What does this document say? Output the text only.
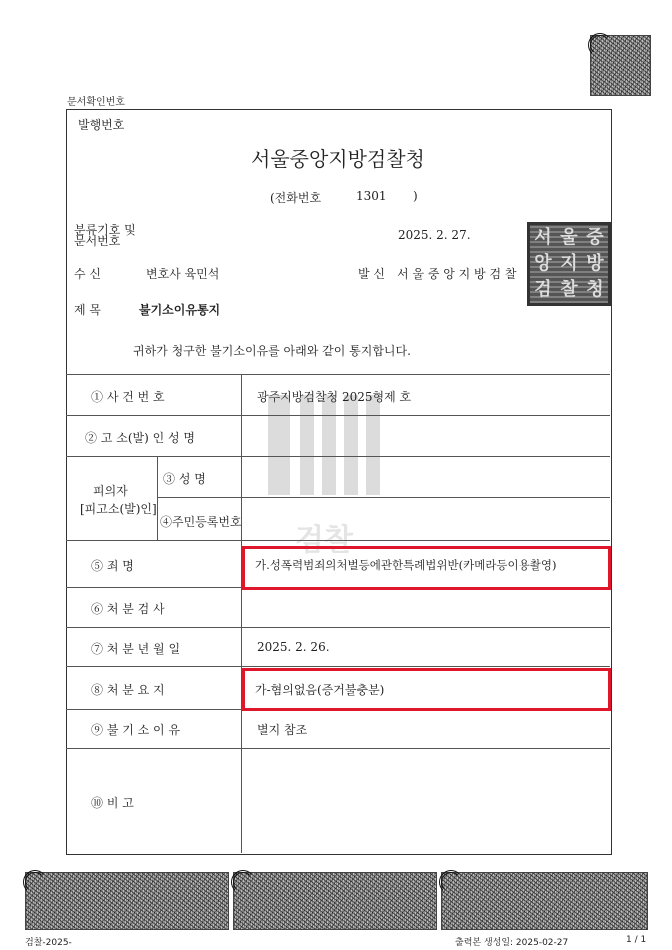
문서확인번호
검찰
발행번호
서울중앙지방검찰청
(전화번호	1301 )
분류기호 및
문서번호	2025. 2. 27.
수 신	변호사 육민석	발 신 서 울 중 앙 지 방 검 찰
서 울 중
앙 지 방
검 찰 청
제 목	불기소이유통지
귀하가 청구한 불기소이유를 아래와 같이 통지합니다.
① 사 건 번 호	광주지방검찰청 2025형제 호
② 고 소(발) 인 성 명
피의자
[피고소(발)인]
③ 성 명
④주민등록번호
⑤ 죄 명	가.성폭력범죄의처벌등에관한특례법위반(카메라등이용촬영)
⑥ 처 분 검 사
⑦ 처 분 년 월 일	2025. 2. 26.
⑧ 처 분 요 지	가-혐의없음(증거불충분)
⑨ 불 기 소 이 유	별지 참조
⑩ 비 고
검찰-2025-	출력본 생성일: 2025-02-27	1 / 1
